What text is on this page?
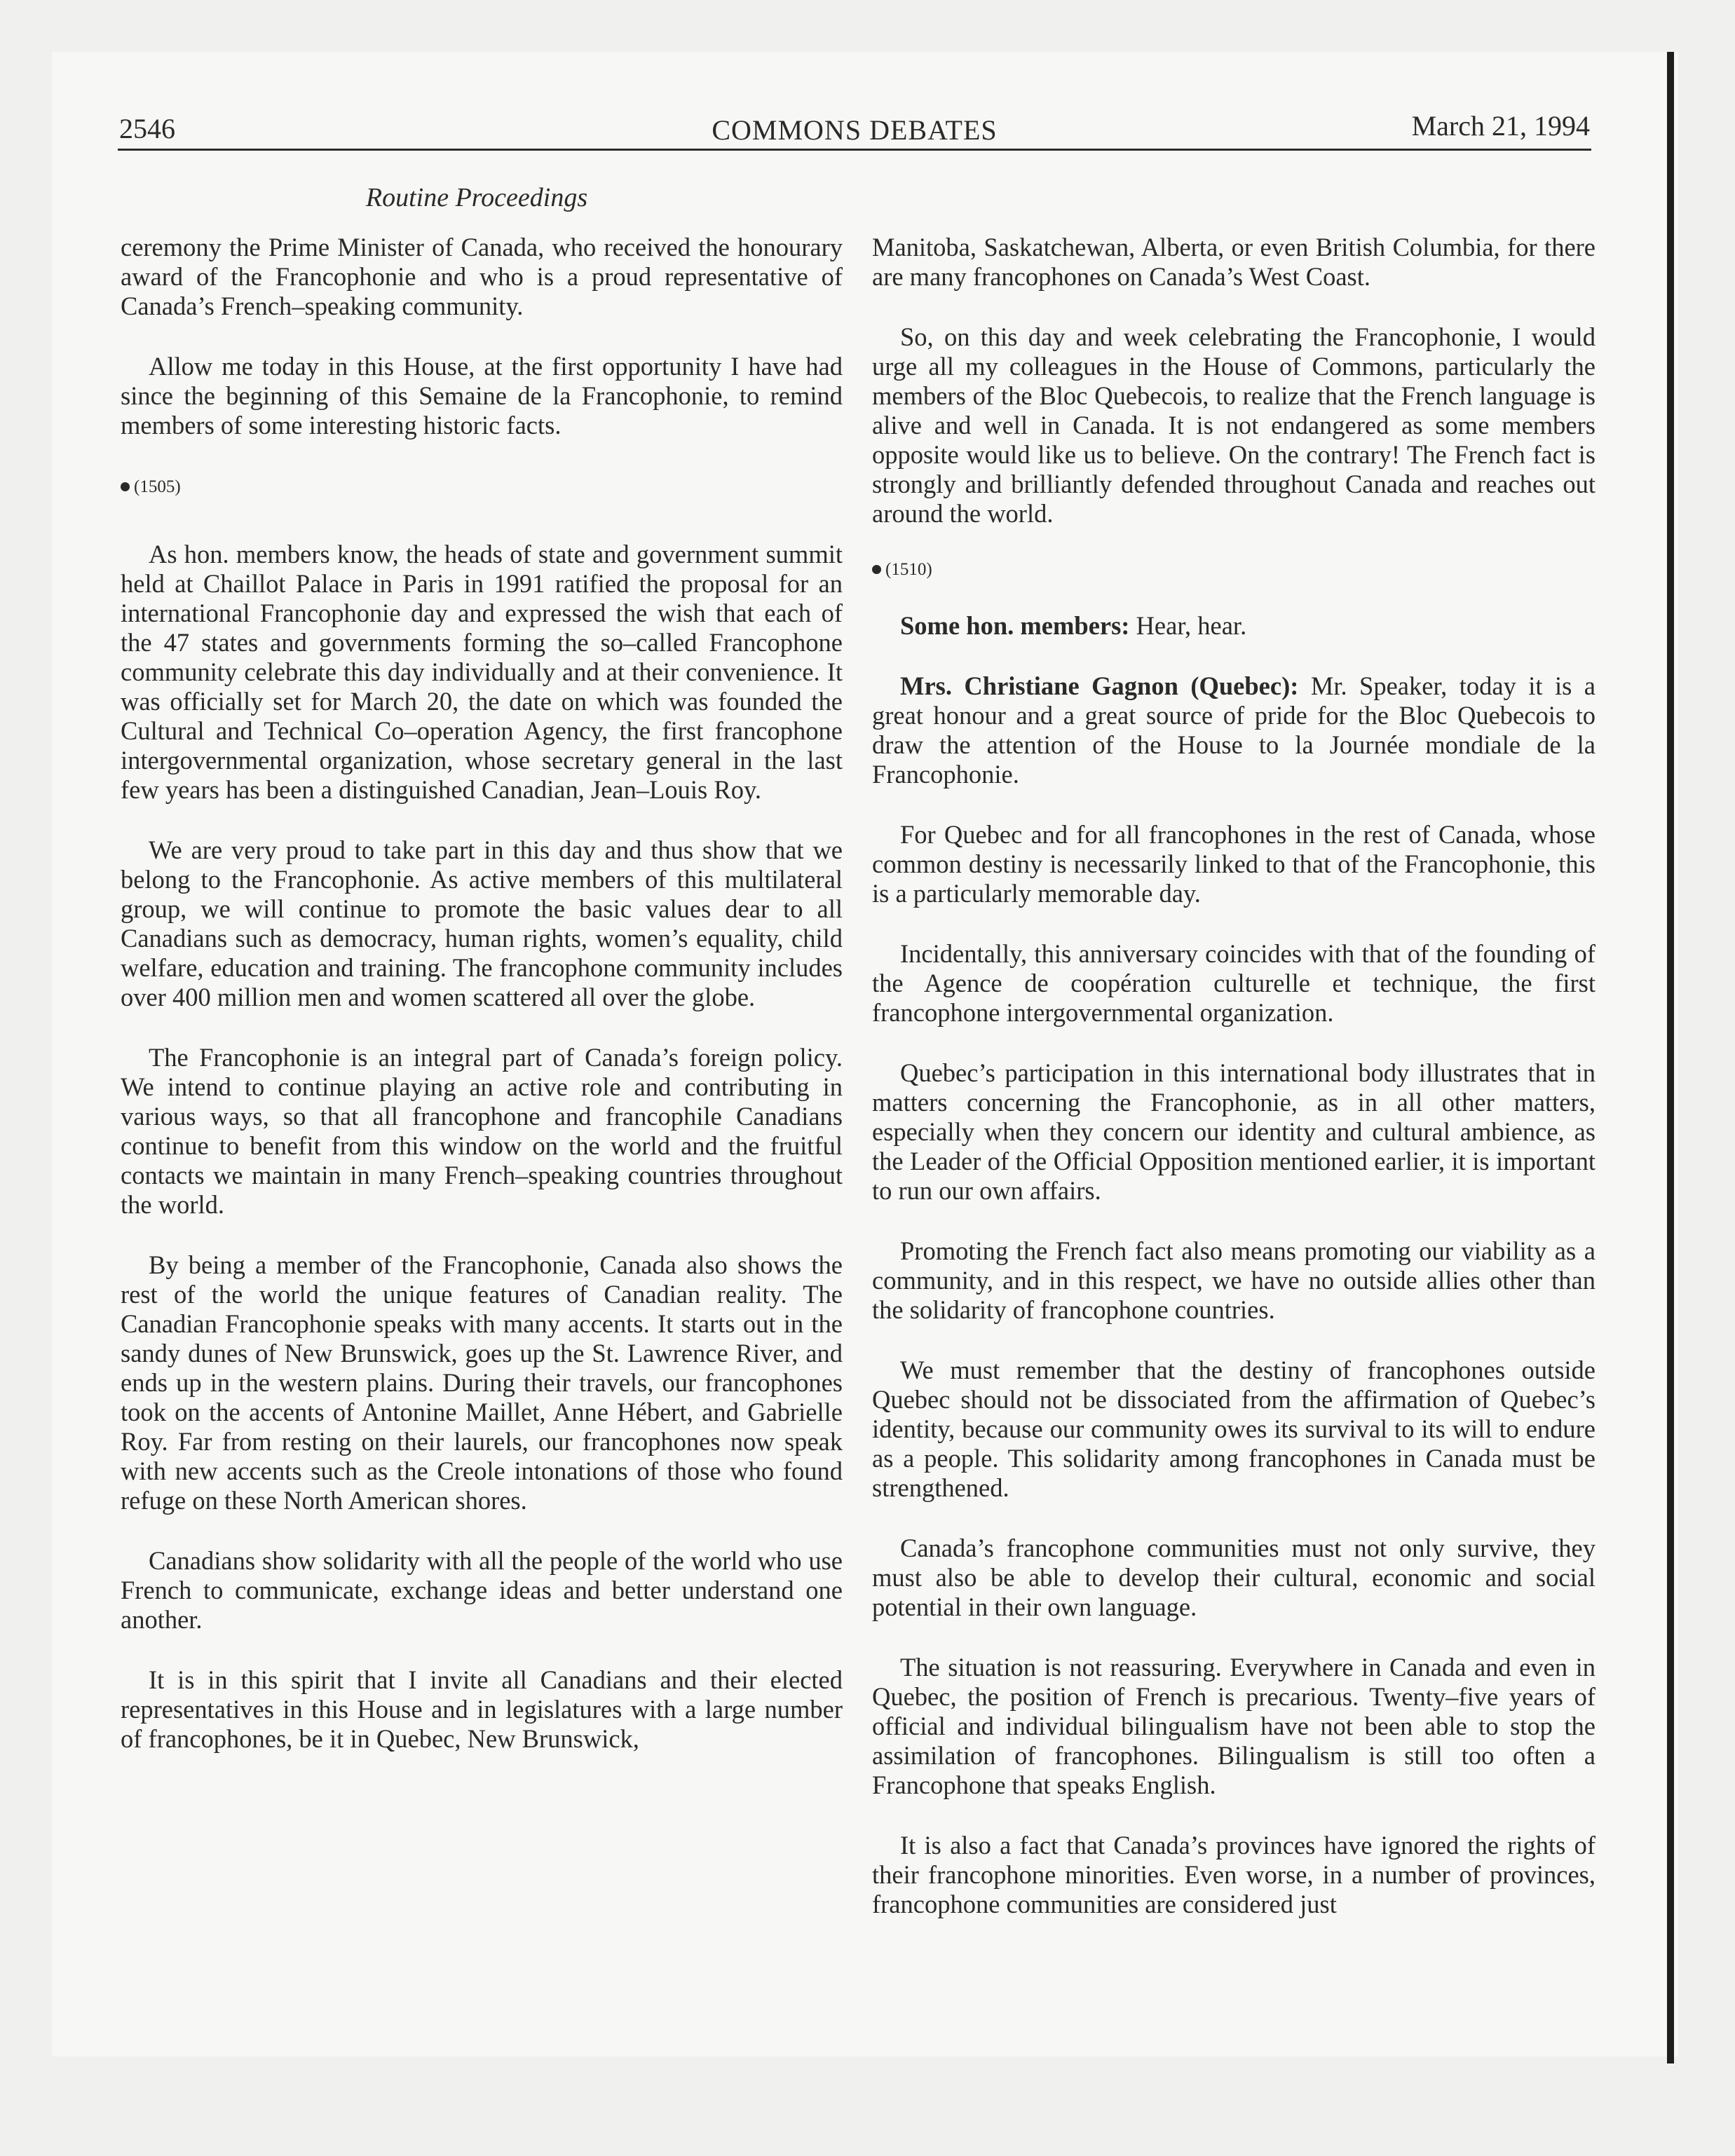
2546	COMMONS DEBATES	March 21, 1994
Routine Proceedings

ceremony the Prime Minister of Canada, who received the honourary award of the Francophonie and who is a proud representative of Canada’s French–speaking community.

Allow me today in this House, at the first opportunity I have had since the beginning of this Semaine de la Francophonie, to remind members of some interesting historic facts.

(1505)

As hon. members know, the heads of state and government summit held at Chaillot Palace in Paris in 1991 ratified the proposal for an international Francophonie day and expressed the wish that each of the 47 states and governments forming the so–called Francophone community celebrate this day individually and at their convenience. It was officially set for March 20, the date on which was founded the Cultural and Technical Co–operation Agency, the first francophone intergovernmental organization, whose secretary general in the last few years has been a distinguished Canadian, Jean–Louis Roy.

We are very proud to take part in this day and thus show that we belong to the Francophonie. As active members of this multilateral group, we will continue to promote the basic values dear to all Canadians such as democracy, human rights, women’s equality, child welfare, education and training. The francophone community includes over 400 million men and women scattered all over the globe.

The Francophonie is an integral part of Canada’s foreign policy. We intend to continue playing an active role and contributing in various ways, so that all francophone and francophile Canadians continue to benefit from this window on the world and the fruitful contacts we maintain in many French–speaking countries throughout the world.

By being a member of the Francophonie, Canada also shows the rest of the world the unique features of Canadian reality. The Canadian Francophonie speaks with many accents. It starts out in the sandy dunes of New Brunswick, goes up the St. Lawrence River, and ends up in the western plains. During their travels, our francophones took on the accents of Antonine Maillet, Anne Hébert, and Gabrielle Roy. Far from resting on their laurels, our francophones now speak with new accents such as the Creole intonations of those who found refuge on these North American shores.

Canadians show solidarity with all the people of the world who use French to communicate, exchange ideas and better understand one another.

It is in this spirit that I invite all Canadians and their elected representatives in this House and in legislatures with a large number of francophones, be it in Quebec, New Brunswick,

Manitoba, Saskatchewan, Alberta, or even British Columbia, for there are many francophones on Canada’s West Coast.

So, on this day and week celebrating the Francophonie, I would urge all my colleagues in the House of Commons, particularly the members of the Bloc Quebecois, to realize that the French language is alive and well in Canada. It is not endangered as some members opposite would like us to believe. On the contrary! The French fact is strongly and brilliantly defended throughout Canada and reaches out around the world.

(1510)

Some hon. members: Hear, hear.

Mrs. Christiane Gagnon (Quebec): Mr. Speaker, today it is a great honour and a great source of pride for the Bloc Quebecois to draw the attention of the House to la Journée mondiale de la Francophonie.

For Quebec and for all francophones in the rest of Canada, whose common destiny is necessarily linked to that of the Francophonie, this is a particularly memorable day.

Incidentally, this anniversary coincides with that of the founding of the Agence de coopération culturelle et technique, the first francophone intergovernmental organization.

Quebec’s participation in this international body illustrates that in matters concerning the Francophonie, as in all other matters, especially when they concern our identity and cultural ambience, as the Leader of the Official Opposition mentioned earlier, it is important to run our own affairs.

Promoting the French fact also means promoting our viability as a community, and in this respect, we have no outside allies other than the solidarity of francophone countries.

We must remember that the destiny of francophones outside Quebec should not be dissociated from the affirmation of Quebec’s identity, because our community owes its survival to its will to endure as a people. This solidarity among francophones in Canada must be strengthened.

Canada’s francophone communities must not only survive, they must also be able to develop their cultural, economic and social potential in their own language.

The situation is not reassuring. Everywhere in Canada and even in Quebec, the position of French is precarious. Twenty–five years of official and individual bilingualism have not been able to stop the assimilation of francophones. Bilingualism is still too often a Francophone that speaks English.

It is also a fact that Canada’s provinces have ignored the rights of their francophone minorities. Even worse, in a number of provinces, francophone communities are considered just
